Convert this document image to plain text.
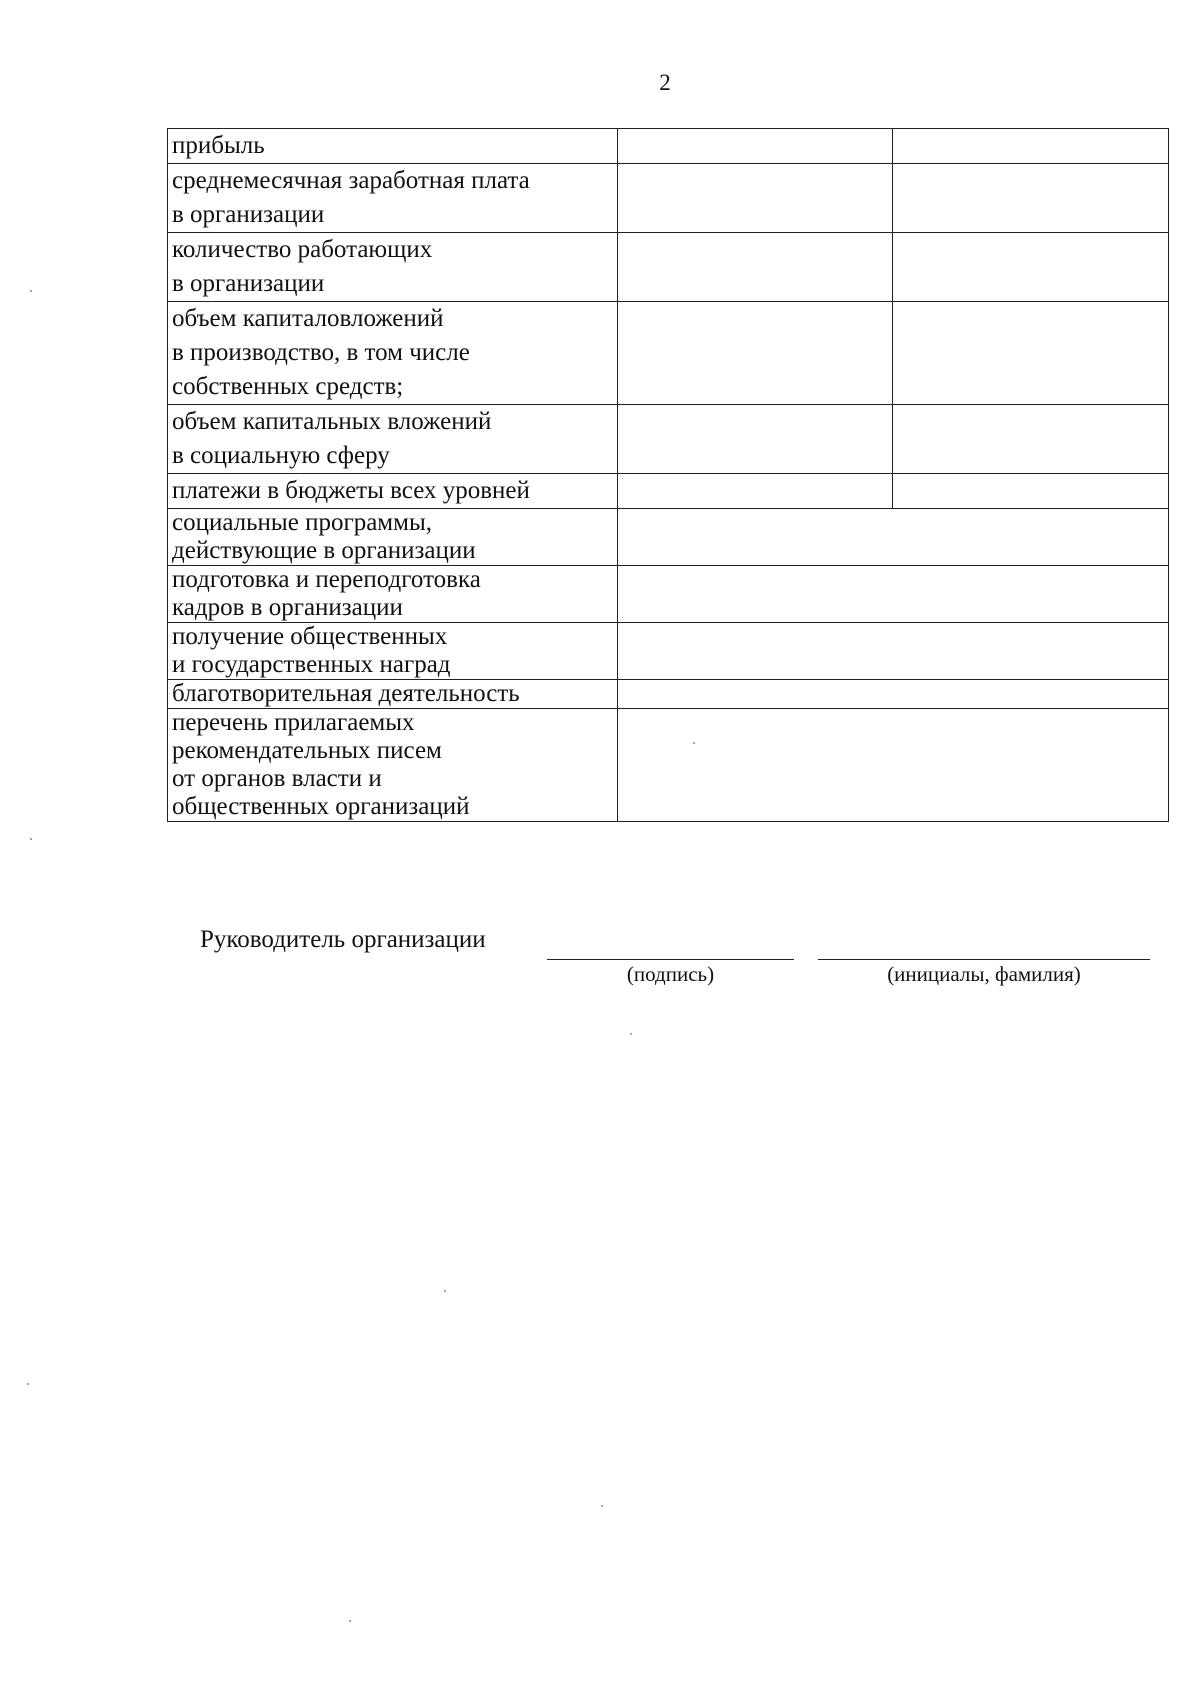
2
прибыль		

среднемесячная заработная плата
в организации		

количество работающих
в организации		

объем капиталовложений
в производство, в том числе
собственных средств;		

объем капитальных вложений
в социальную сферу		

платежи в бюджеты всех уровней		

социальные программы,
действующие в организации		

подготовка и переподготовка
кадров в организации		

получение общественных
и государственных наград		

благотворительная деятельность		

перечень прилагаемых
рекомендательных писем
от органов власти и
общественных организаций		

Руководитель организации
(подпись)	(инициалы, фамилия)
